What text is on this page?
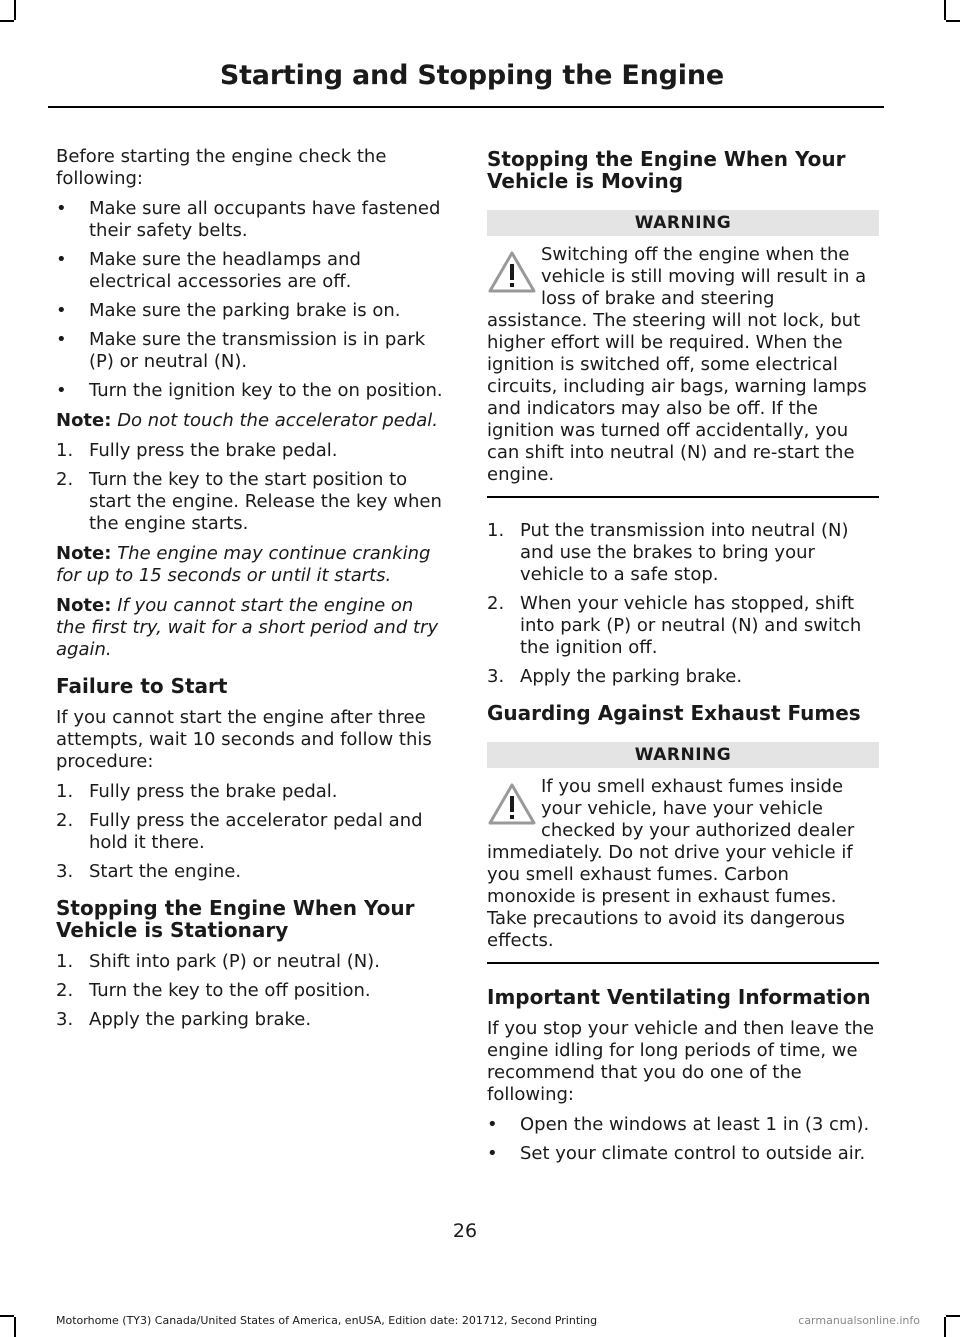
Starting and Stopping the Engine

Before starting the engine check the following:

• Make sure all occupants have fastened their safety belts.
• Make sure the headlamps and electrical accessories are off.
• Make sure the parking brake is on.
• Make sure the transmission is in park (P) or neutral (N).
• Turn the ignition key to the on position.

Note: Do not touch the accelerator pedal.

1. Fully press the brake pedal.
2. Turn the key to the start position to start the engine. Release the key when the engine starts.

Note: The engine may continue cranking for up to 15 seconds or until it starts.

Note: If you cannot start the engine on the first try, wait for a short period and try again.

Failure to Start

If you cannot start the engine after three attempts, wait 10 seconds and follow this procedure:

1. Fully press the brake pedal.
2. Fully press the accelerator pedal and hold it there.
3. Start the engine.
Stopping the Engine When Your Vehicle is Stationary
1. Shift into park (P) or neutral (N).
2. Turn the key to the off position.
3. Apply the parking brake.
Stopping the Engine When Your Vehicle is Moving
WARNING
Switching off the engine when the vehicle is still moving will result in a loss of brake and steering assistance. The steering will not lock, but higher effort will be required. When the ignition is switched off, some electrical circuits, including air bags, warning lamps and indicators may also be off. If the ignition was turned off accidentally, you can shift into neutral (N) and re-start the engine.
1. Put the transmission into neutral (N) and use the brakes to bring your vehicle to a safe stop.
2. When your vehicle has stopped, shift into park (P) or neutral (N) and switch the ignition off.
3. Apply the parking brake.
Guarding Against Exhaust Fumes
WARNING
If you smell exhaust fumes inside your vehicle, have your vehicle checked by your authorized dealer immediately. Do not drive your vehicle if you smell exhaust fumes. Carbon monoxide is present in exhaust fumes. Take precautions to avoid its dangerous effects.
Important Ventilating Information

If you stop your vehicle and then leave the engine idling for long periods of time, we recommend that you do one of the following:

• Open the windows at least 1 in (3 cm).
• Set your climate control to outside air.
26
Motorhome (TY3) Canada/United States of America, enUSA, Edition date: 201712, Second Printing	carmanualsonline.info
